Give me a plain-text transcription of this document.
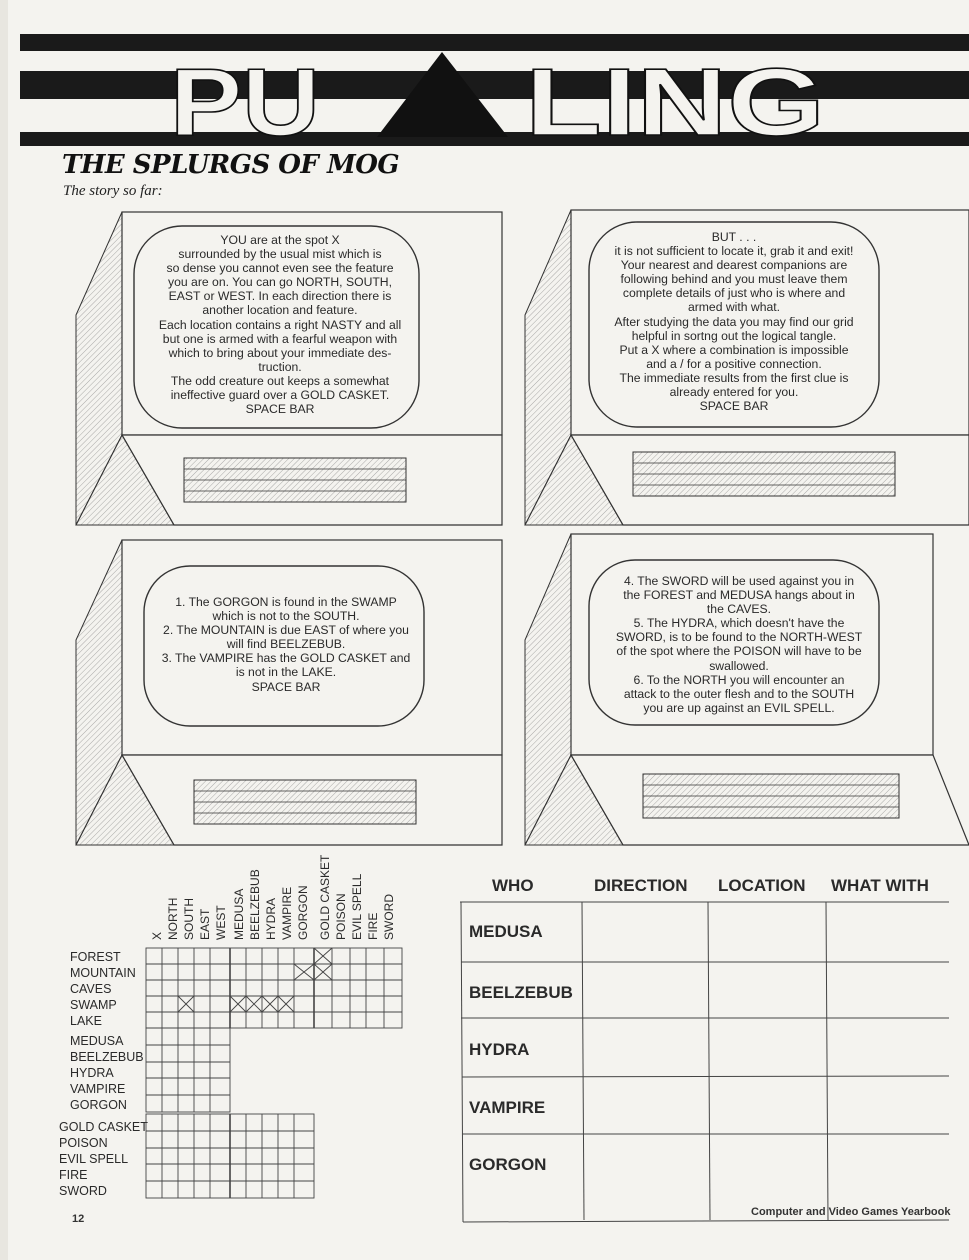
PU LING
THE SPLURGS OF MOG
The story so far:
YOU are at the spot X
surrounded by the usual mist which is
so dense you cannot even see the feature
you are on. You can go NORTH, SOUTH,
EAST or WEST. In each direction there is
another location and feature.
Each location contains a right NASTY and all
but one is armed with a fearful weapon with
which to bring about your immediate des-
truction.
The odd creature out keeps a somewhat
ineffective guard over a GOLD CASKET.
SPACE BAR
BUT . . .
it is not sufficient to locate it, grab it and exit!
Your nearest and dearest companions are
following behind and you must leave them
complete details of just who is where and
armed with what.
After studying the data you may find our grid
helpful in sortng out the logical tangle.
Put a X where a combination is impossible
and a / for a positive connection.
The immediate results from the first clue is
already entered for you.
SPACE BAR
1. The GORGON is found in the SWAMP
which is not to the SOUTH.
2. The MOUNTAIN is due EAST of where you
will find BEELZEBUB.
3. The VAMPIRE has the GOLD CASKET and
is not in the LAKE.
SPACE BAR
4. The SWORD will be used against you in
the FOREST and MEDUSA hangs about in
the CAVES.
5. The HYDRA, which doesn't have the
SWORD, is to be found to the NORTH-WEST
of the spot where the POISON will have to be
swallowed.
6. To the NORTH you will encounter an
attack to the outer flesh and to the SOUTH
you are up against an EVIL SPELL.
X NORTH SOUTH EAST WEST MEDUSA BEELZEBUB HYDRA VAMPIRE GORGON GOLD CASKET POISON EVIL SPELL FIRE SWORD
FOREST
MOUNTAIN
CAVES
SWAMP
LAKE
MEDUSA
BEELZEBUB
HYDRA
VAMPIRE
GORGON
GOLD CASKET
POISON
EVIL SPELL
FIRE
SWORD
WHO	DIRECTION LOCATION WHAT WITH
MEDUSA
BEELZEBUB
HYDRA
VAMPIRE
GORGON
12
Computer and Video Games Yearbook
